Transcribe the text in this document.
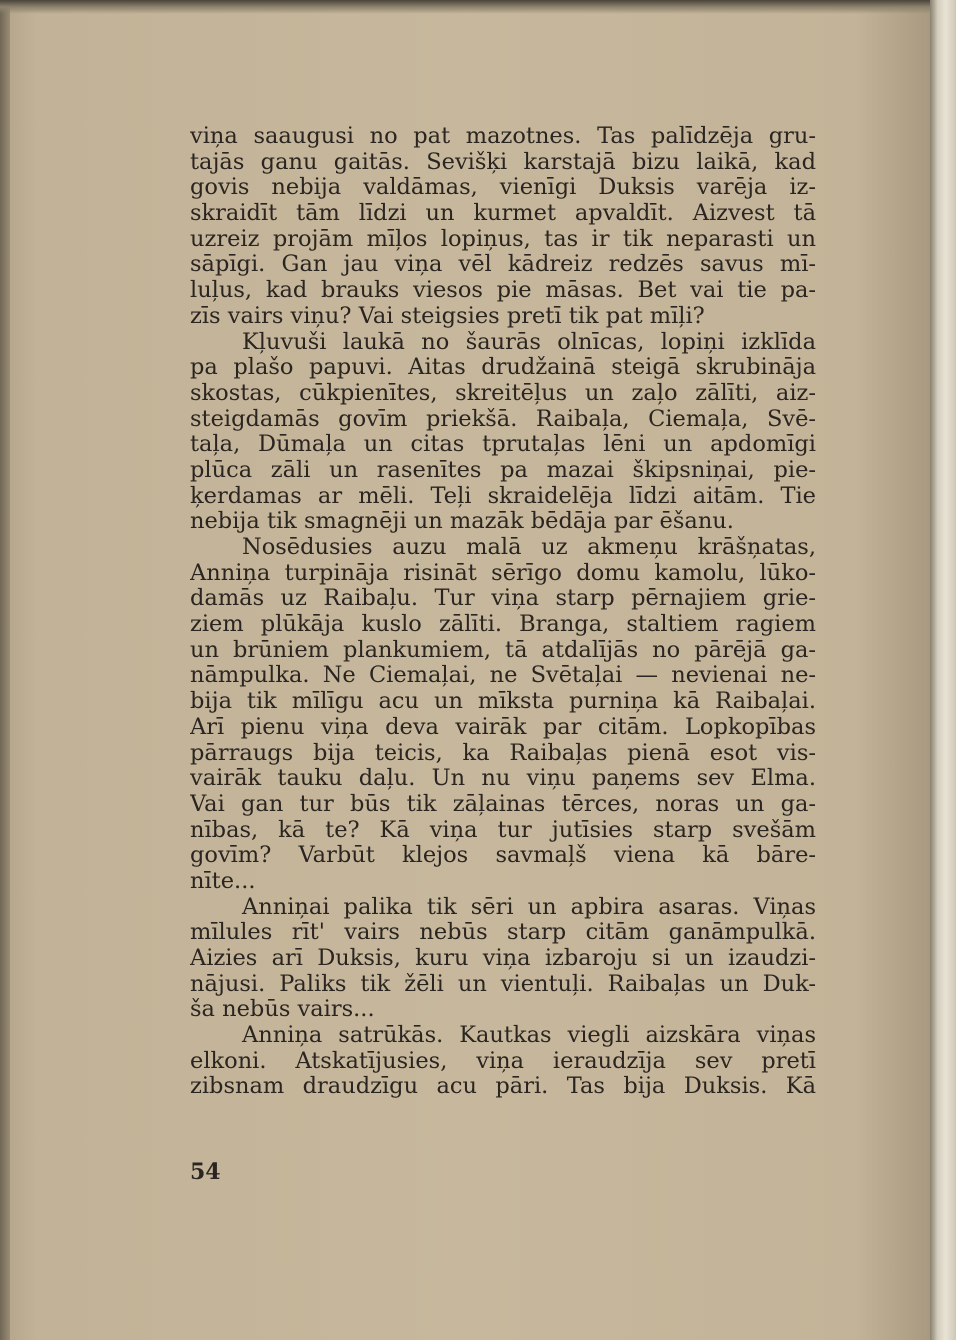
viņa saaugusi no pat mazotnes. Tas palīdzēja gru-
tajās ganu gaitās. Sevišķi karstajā bizu laikā, kad
govis nebija valdāmas, vienīgi Duksis varēja iz-
skraidīt tām līdzi un kurmet apvaldīt. Aizvest tā
uzreiz projām mīļos lopiņus, tas ir tik neparasti un
sāpīgi. Gan jau viņa vēl kādreiz redzēs savus mī-
luļus, kad brauks viesos pie māsas. Bet vai tie pa-
zīs vairs viņu? Vai steigsies pretī tik pat mīļi?
Kļuvuši laukā no šaurās olnīcas, lopiņi izklīda
pa plašo papuvi. Aitas drudžainā steigā skrubināja
skostas, cūkpienītes, skreitēļus un zaļo zālīti, aiz-
steigdamās govīm priekšā. Raibaļa, Ciemaļa, Svē-
taļa, Dūmaļa un citas tprutaļas lēni un apdomīgi
plūca zāli un rasenītes pa mazai škipsniņai, pie-
ķerdamas ar mēli. Teļi skraidelēja līdzi aitām. Tie
nebija tik smagnēji un mazāk bēdāja par ēšanu.
Nosēdusies auzu malā uz akmeņu krāšņatas,
Anniņa turpināja risināt sērīgo domu kamolu, lūko-
damās uz Raibaļu. Tur viņa starp pērnajiem grie-
ziem plūkāja kuslo zālīti. Branga, staltiem ragiem
un brūniem plankumiem, tā atdalījās no pārējā ga-
nāmpulka. Ne Ciemaļai, ne Svētaļai — nevienai ne-
bija tik mīlīgu acu un mīksta purniņa kā Raibaļai.
Arī pienu viņa deva vairāk par citām. Lopkopības
pārraugs bija teicis, ka Raibaļas pienā esot vis-
vairāk tauku daļu. Un nu viņu paņems sev Elma.
Vai gan tur būs tik zāļainas tērces, noras un ga-
nības, kā te? Kā viņa tur jutīsies starp svešām
govīm? Varbūt klejos savmaļš viena kā bāre-
nīte...
Anniņai palika tik sēri un apbira asaras. Viņas
mīlules rīt' vairs nebūs starp citām ganāmpulkā.
Aizies arī Duksis, kuru viņa izbaroju si un izaudzi-
nājusi. Paliks tik žēli un vientuļi. Raibaļas un Duk-
ša nebūs vairs...
Anniņa satrūkās. Kautkas viegli aizskāra viņas
elkoni. Atskatījusies, viņa ieraudzīja sev pretī
zibsnam draudzīgu acu pāri. Tas bija Duksis. Kā
54
